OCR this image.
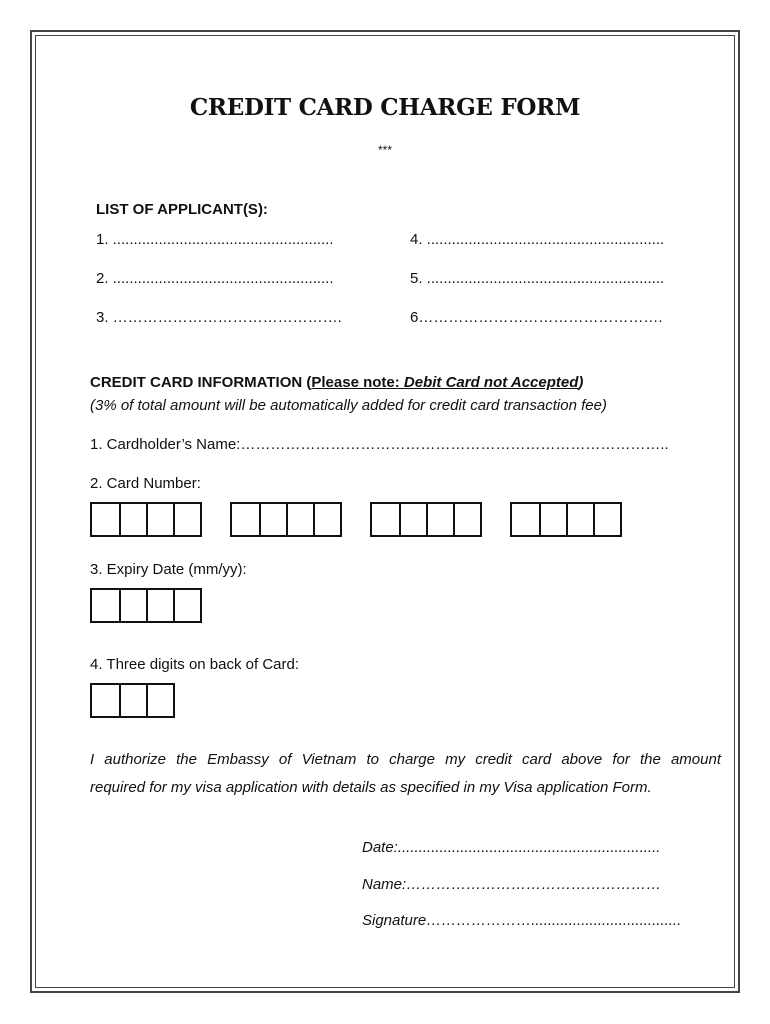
CREDIT CARD CHARGE FORM
***
LIST OF APPLICANT(S):
1. .....................................................
2. .....................................................
3. ……………………………………….
4. .........................................................
5. .........................................................
6………………………………………….
CREDIT CARD INFORMATION (Please note: Debit Card not Accepted)
(3% of total amount will be automatically added for credit card transaction fee)
1. Cardholder’s Name:…………………………………………………………………………..
2. Card Number:
3. Expiry Date (mm/yy):
4. Three digits on back of Card:
I authorize the Embassy of Vietnam to charge my credit card above for the amount
required for my visa application with details as specified in my Visa application Form.
Date:...............................................................
Name:……………………………………………
Signature…………………....................................
